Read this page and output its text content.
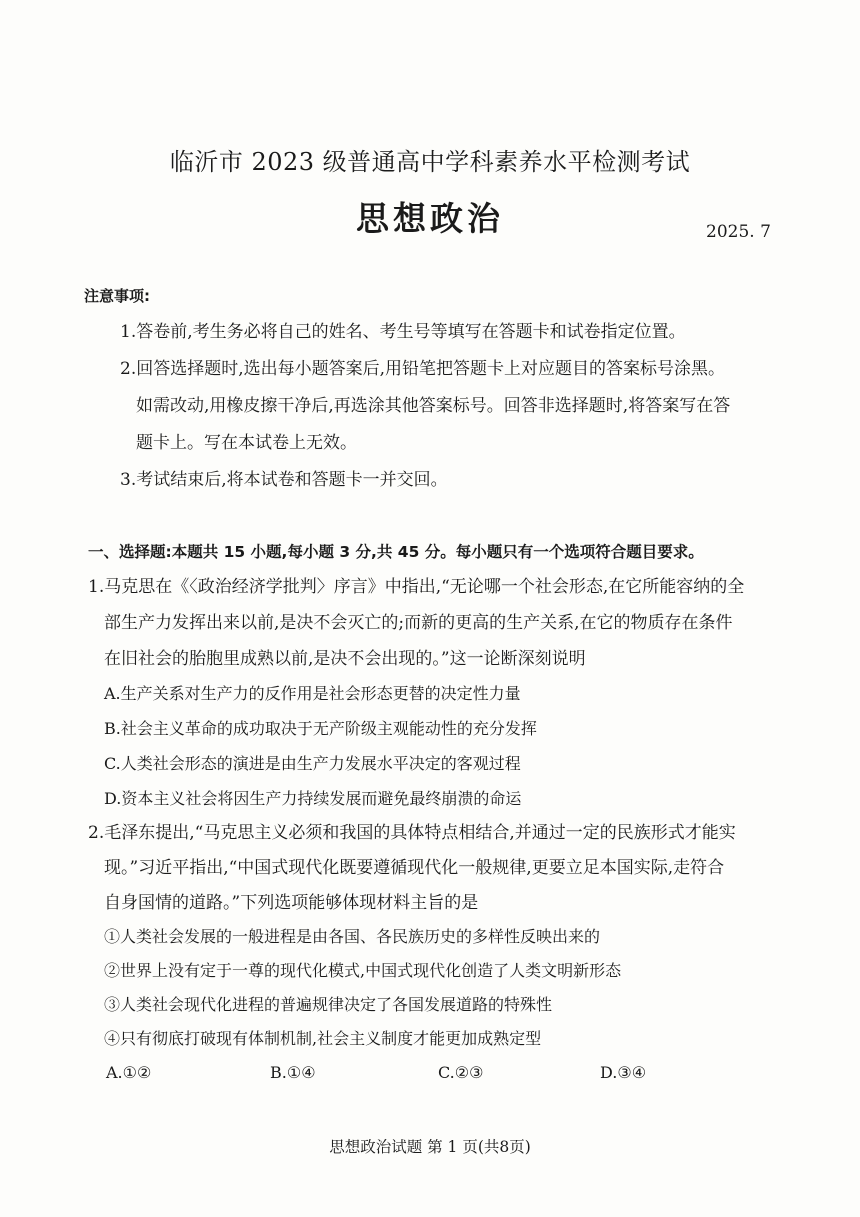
临沂市 2023 级普通高中学科素养水平检测考试
思想政治	2025. 7
注意事项:
1.答卷前,考生务必将自己的姓名、考生号等填写在答题卡和试卷指定位置。
2.回答选择题时,选出每小题答案后,用铅笔把答题卡上对应题目的答案标号涂黑。
如需改动,用橡皮擦干净后,再选涂其他答案标号。回答非选择题时,将答案写在答
题卡上。写在本试卷上无效。
3.考试结束后,将本试卷和答题卡一并交回。
一、选择题:本题共 15 小题,每小题 3 分,共 45 分。每小题只有一个选项符合题目要求。
1.马克思在《〈政治经济学批判〉序言》中指出,“无论哪一个社会形态,在它所能容纳的全
部生产力发挥出来以前,是决不会灭亡的;而新的更高的生产关系,在它的物质存在条件
在旧社会的胎胞里成熟以前,是决不会出现的。”这一论断深刻说明
A.生产关系对生产力的反作用是社会形态更替的决定性力量
B.社会主义革命的成功取决于无产阶级主观能动性的充分发挥
C.人类社会形态的演进是由生产力发展水平决定的客观过程
D.资本主义社会将因生产力持续发展而避免最终崩溃的命运
2.毛泽东提出,“马克思主义必须和我国的具体特点相结合,并通过一定的民族形式才能实
现。”习近平指出,“中国式现代化既要遵循现代化一般规律,更要立足本国实际,走符合
自身国情的道路。”下列选项能够体现材料主旨的是
①人类社会发展的一般进程是由各国、各民族历史的多样性反映出来的
②世界上没有定于一尊的现代化模式,中国式现代化创造了人类文明新形态
③人类社会现代化进程的普遍规律决定了各国发展道路的特殊性
④只有彻底打破现有体制机制,社会主义制度才能更加成熟定型
A.①②	B.①④	C.②③	D.③④
思想政治试题 第 1 页(共8页)
